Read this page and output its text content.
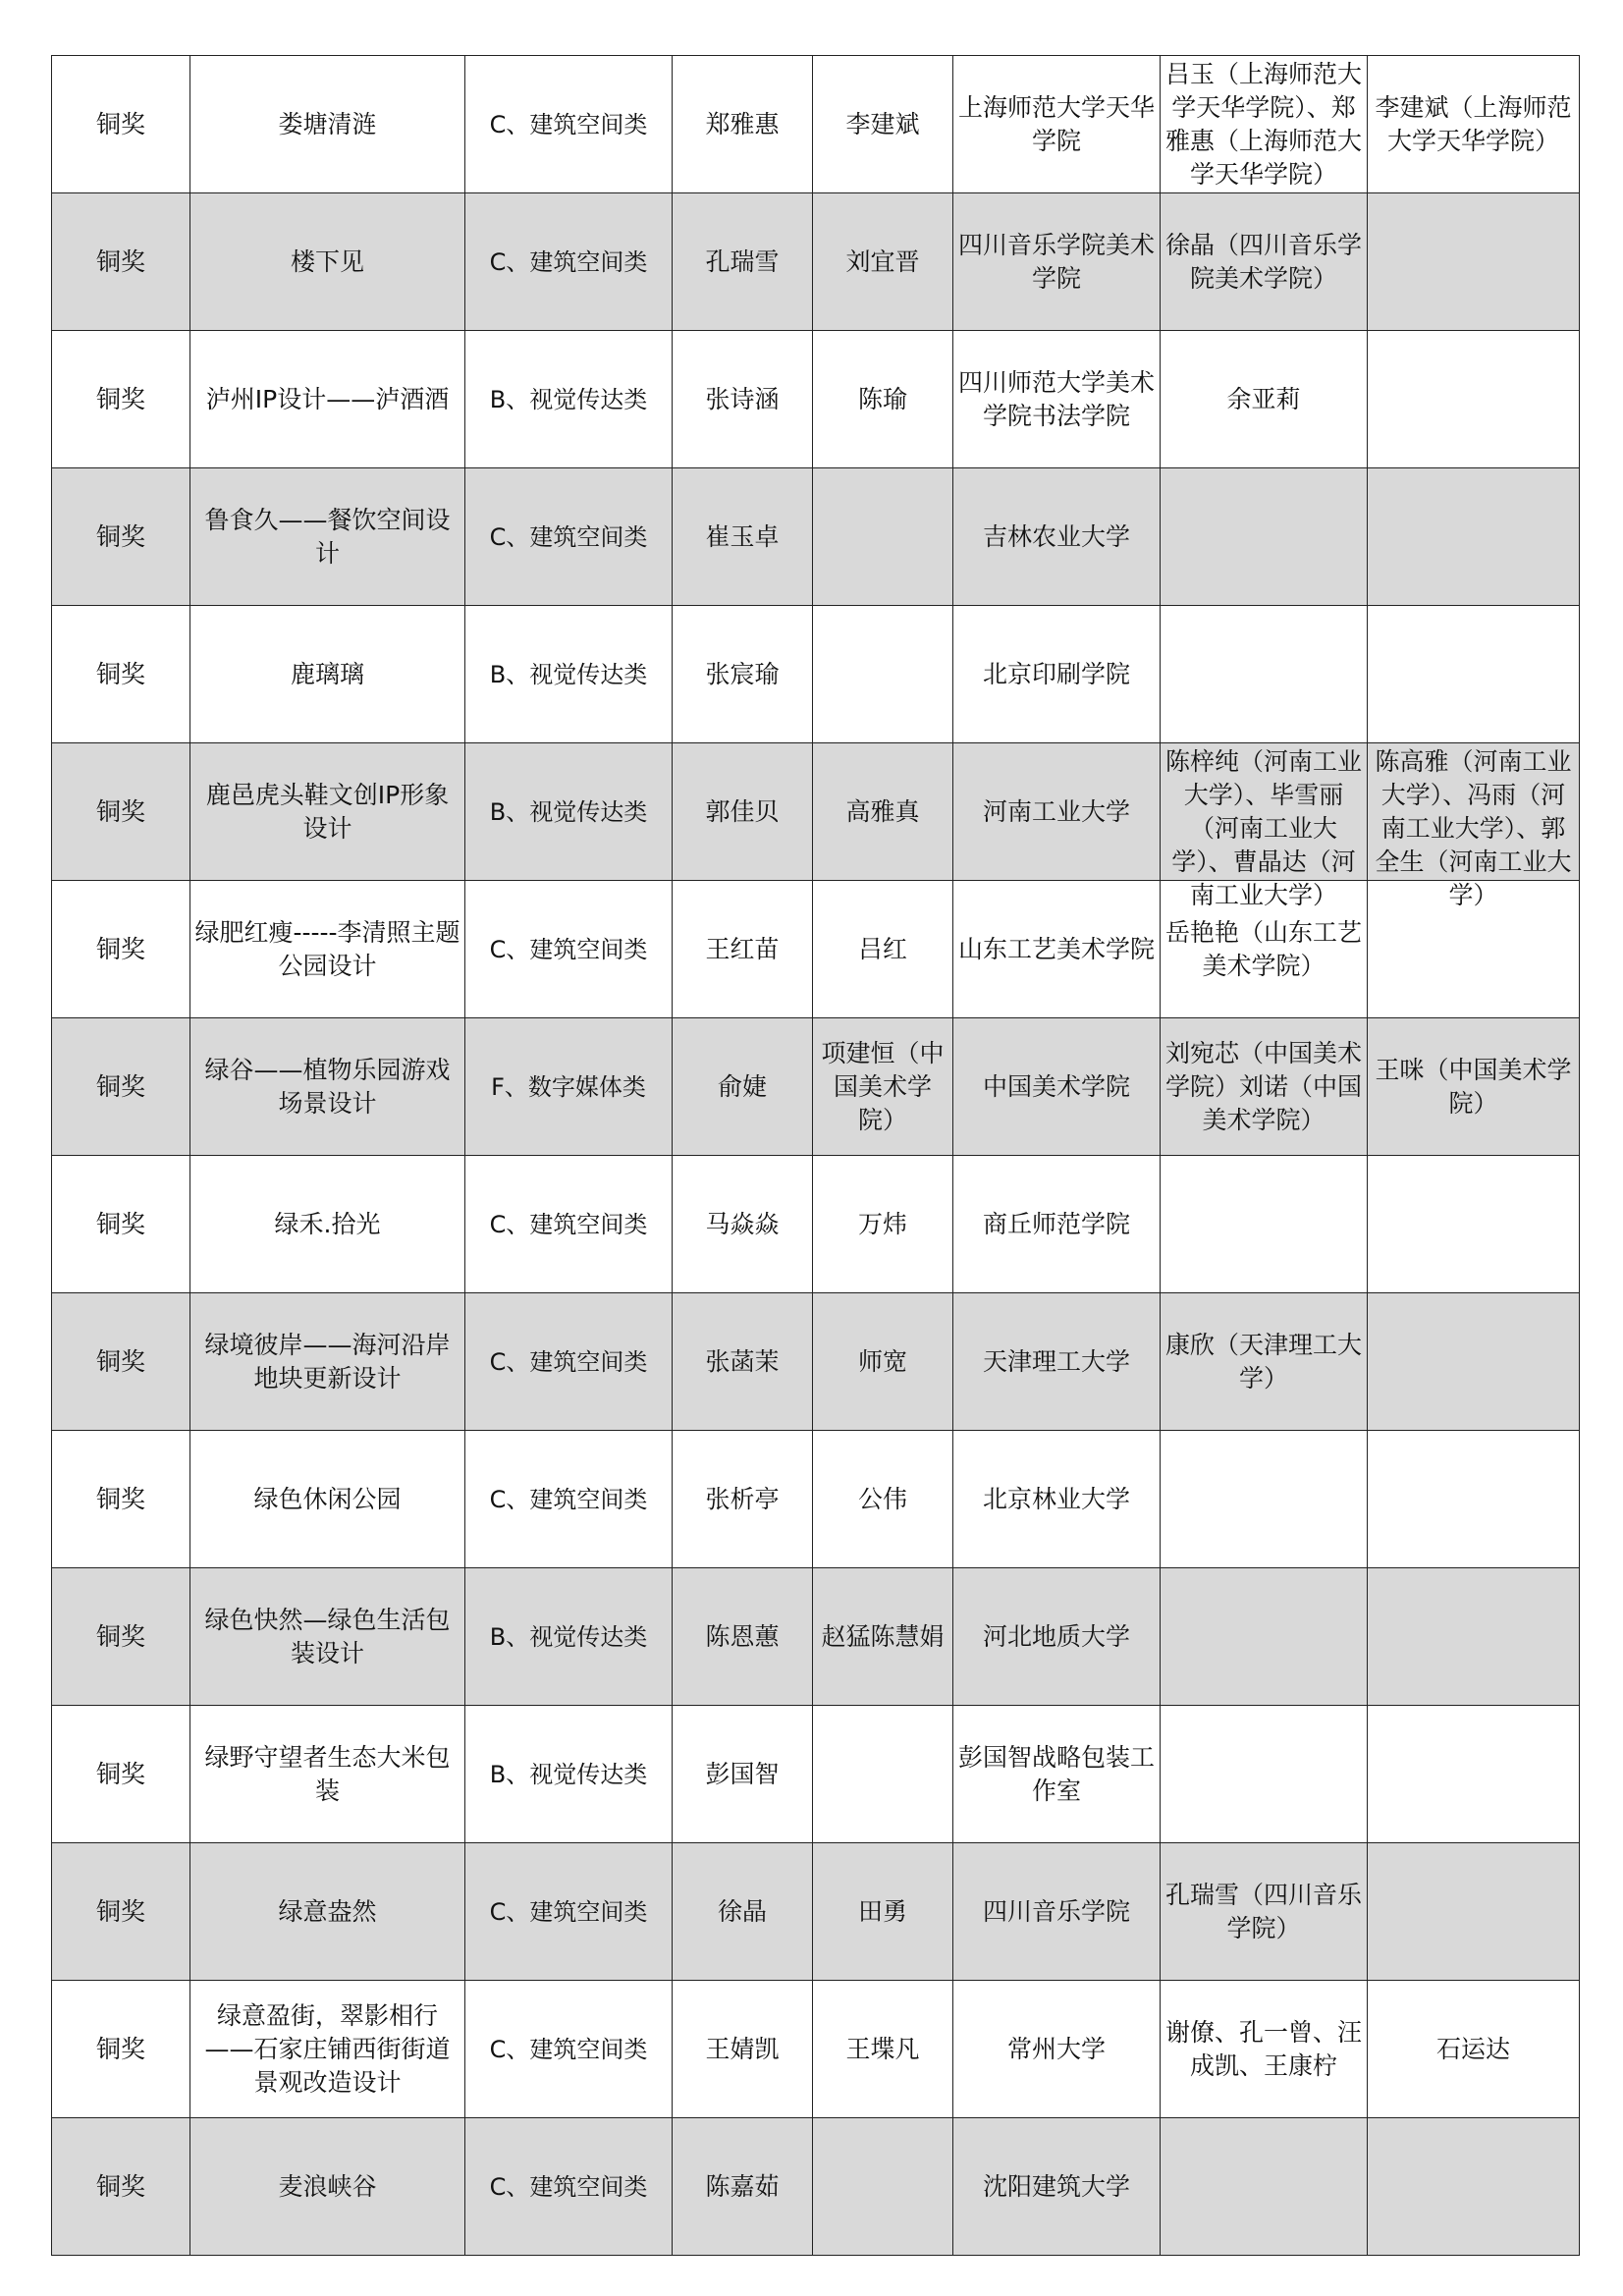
铜奖	娄塘清涟	C、建筑空间类	郑雅惠	李建斌	上海师范大学天华学院	吕玉（上海师范大学天华学院）、郑雅惠（上海师范大学天华学院）	李建斌（上海师范大学天华学院）

铜奖	楼下见	C、建筑空间类	孔瑞雪	刘宜晋	四川音乐学院美术学院	徐晶（四川音乐学院美术学院）	

铜奖	泸州IP设计——泸酒酒	B、视觉传达类	张诗涵	陈瑜	四川师范大学美术学院书法学院	余亚莉	

铜奖	鲁食久——餐饮空间设计	C、建筑空间类	崔玉卓		吉林农业大学		

铜奖	鹿璃璃	B、视觉传达类	张宸瑜		北京印刷学院		

铜奖	鹿邑虎头鞋文创IP形象设计	B、视觉传达类	郭佳贝	高雅真	河南工业大学	陈梓纯（河南工业大学）、毕雪丽（河南工业大学）、曹晶达（河南工业大学）	陈高雅（河南工业大学）、冯雨（河南工业大学）、郭全生（河南工业大学）

铜奖	绿肥红瘦-----李清照主题公园设计	C、建筑空间类	王红苗	吕红	山东工艺美术学院	岳艳艳（山东工艺美术学院）	

铜奖	绿谷——植物乐园游戏场景设计	F、数字媒体类	俞婕	项建恒（中国美术学院）	中国美术学院	刘宛芯（中国美术学院）刘诺（中国美术学院）	王咪（中国美术学院）

铜奖	绿禾.拾光	C、建筑空间类	马焱焱	万炜	商丘师范学院		

铜奖	绿境彼岸——海河沿岸地块更新设计	C、建筑空间类	张菡茉	师宽	天津理工大学	康欣（天津理工大学）	

铜奖	绿色休闲公园	C、建筑空间类	张析亭	公伟	北京林业大学		

铜奖	绿色快然—绿色生活包装设计	B、视觉传达类	陈恩蕙	赵猛陈慧娟	河北地质大学		

铜奖	绿野守望者生态大米包装	B、视觉传达类	彭国智		彭国智战略包装工作室		

铜奖	绿意盎然	C、建筑空间类	徐晶	田勇	四川音乐学院	孔瑞雪（四川音乐学院）	

铜奖	绿意盈街，翠影相行——石家庄铺西街街道景观改造设计	C、建筑空间类	王婧凯	王堞凡	常州大学	谢僚、孔一曾、汪成凯、王康柠	石运达

铜奖	麦浪峡谷	C、建筑空间类	陈嘉茹		沈阳建筑大学		
